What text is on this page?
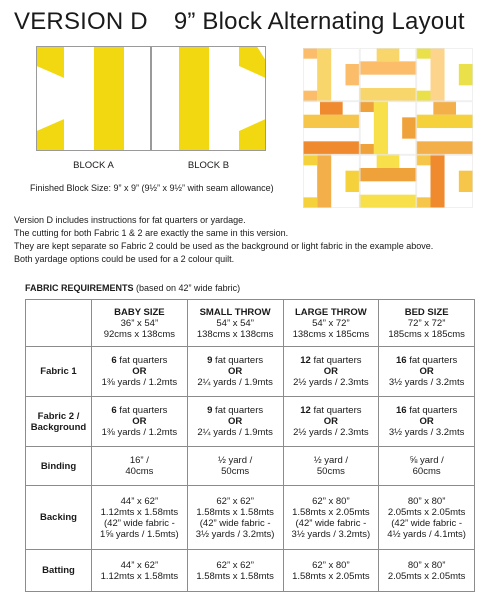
VERSION D 9” Block Alternating Layout
BLOCK A	BLOCK B
Finished Block Size: 9” x 9” (9½” x 9½” with seam allowance)
Version D includes instructions for fat quarters or yardage.
The cutting for both Fabric 1 & 2 are exactly the same in this version.
They are kept separate so Fabric 2 could be used as the background or light fabric in the example above.
Both yardage options could be used for a 2 colour quilt.
FABRIC REQUIREMENTS (based on 42” wide fabric)

	BABY SIZE
36” x 54”
92cms x 138cms	SMALL THROW
54” x 54”
138cms x 138cms	LARGE THROW
54” x 72”
138cms x 185cms	BED SIZE
72” x 72”
185cms x 185cms
Fabric 1	6 fat quarters
OR
1⅜ yards / 1.2mts	9 fat quarters
OR
2¼ yards / 1.9mts	12 fat quarters
OR
2½ yards / 2.3mts	16 fat quarters
OR
3½ yards / 3.2mts
Fabric 2 / Background	6 fat quarters
OR
1⅜ yards / 1.2mts	9 fat quarters
OR
2¼ yards / 1.9mts	12 fat quarters
OR
2½ yards / 2.3mts	16 fat quarters
OR
3½ yards / 3.2mts
Binding	16” /
40cms	½ yard /
50cms	½ yard /
50cms	⅝ yard /
60cms
Backing	44” x 62”
1.12mts x 1.58mts
(42” wide fabric -
1⅝ yards / 1.5mts)	62” x 62”
1.58mts x 1.58mts
(42” wide fabric -
3½ yards / 3.2mts)	62” x 80”
1.58mts x 2.05mts
(42” wide fabric -
3½ yards / 3.2mts)	80” x 80”
2.05mts x 2.05mts
(42” wide fabric -
4½ yards / 4.1mts)
Batting	44” x 62”
1.12mts x 1.58mts	62” x 62”
1.58mts x 1.58mts	62” x 80”
1.58mts x 2.05mts	80” x 80”
2.05mts x 2.05mts
